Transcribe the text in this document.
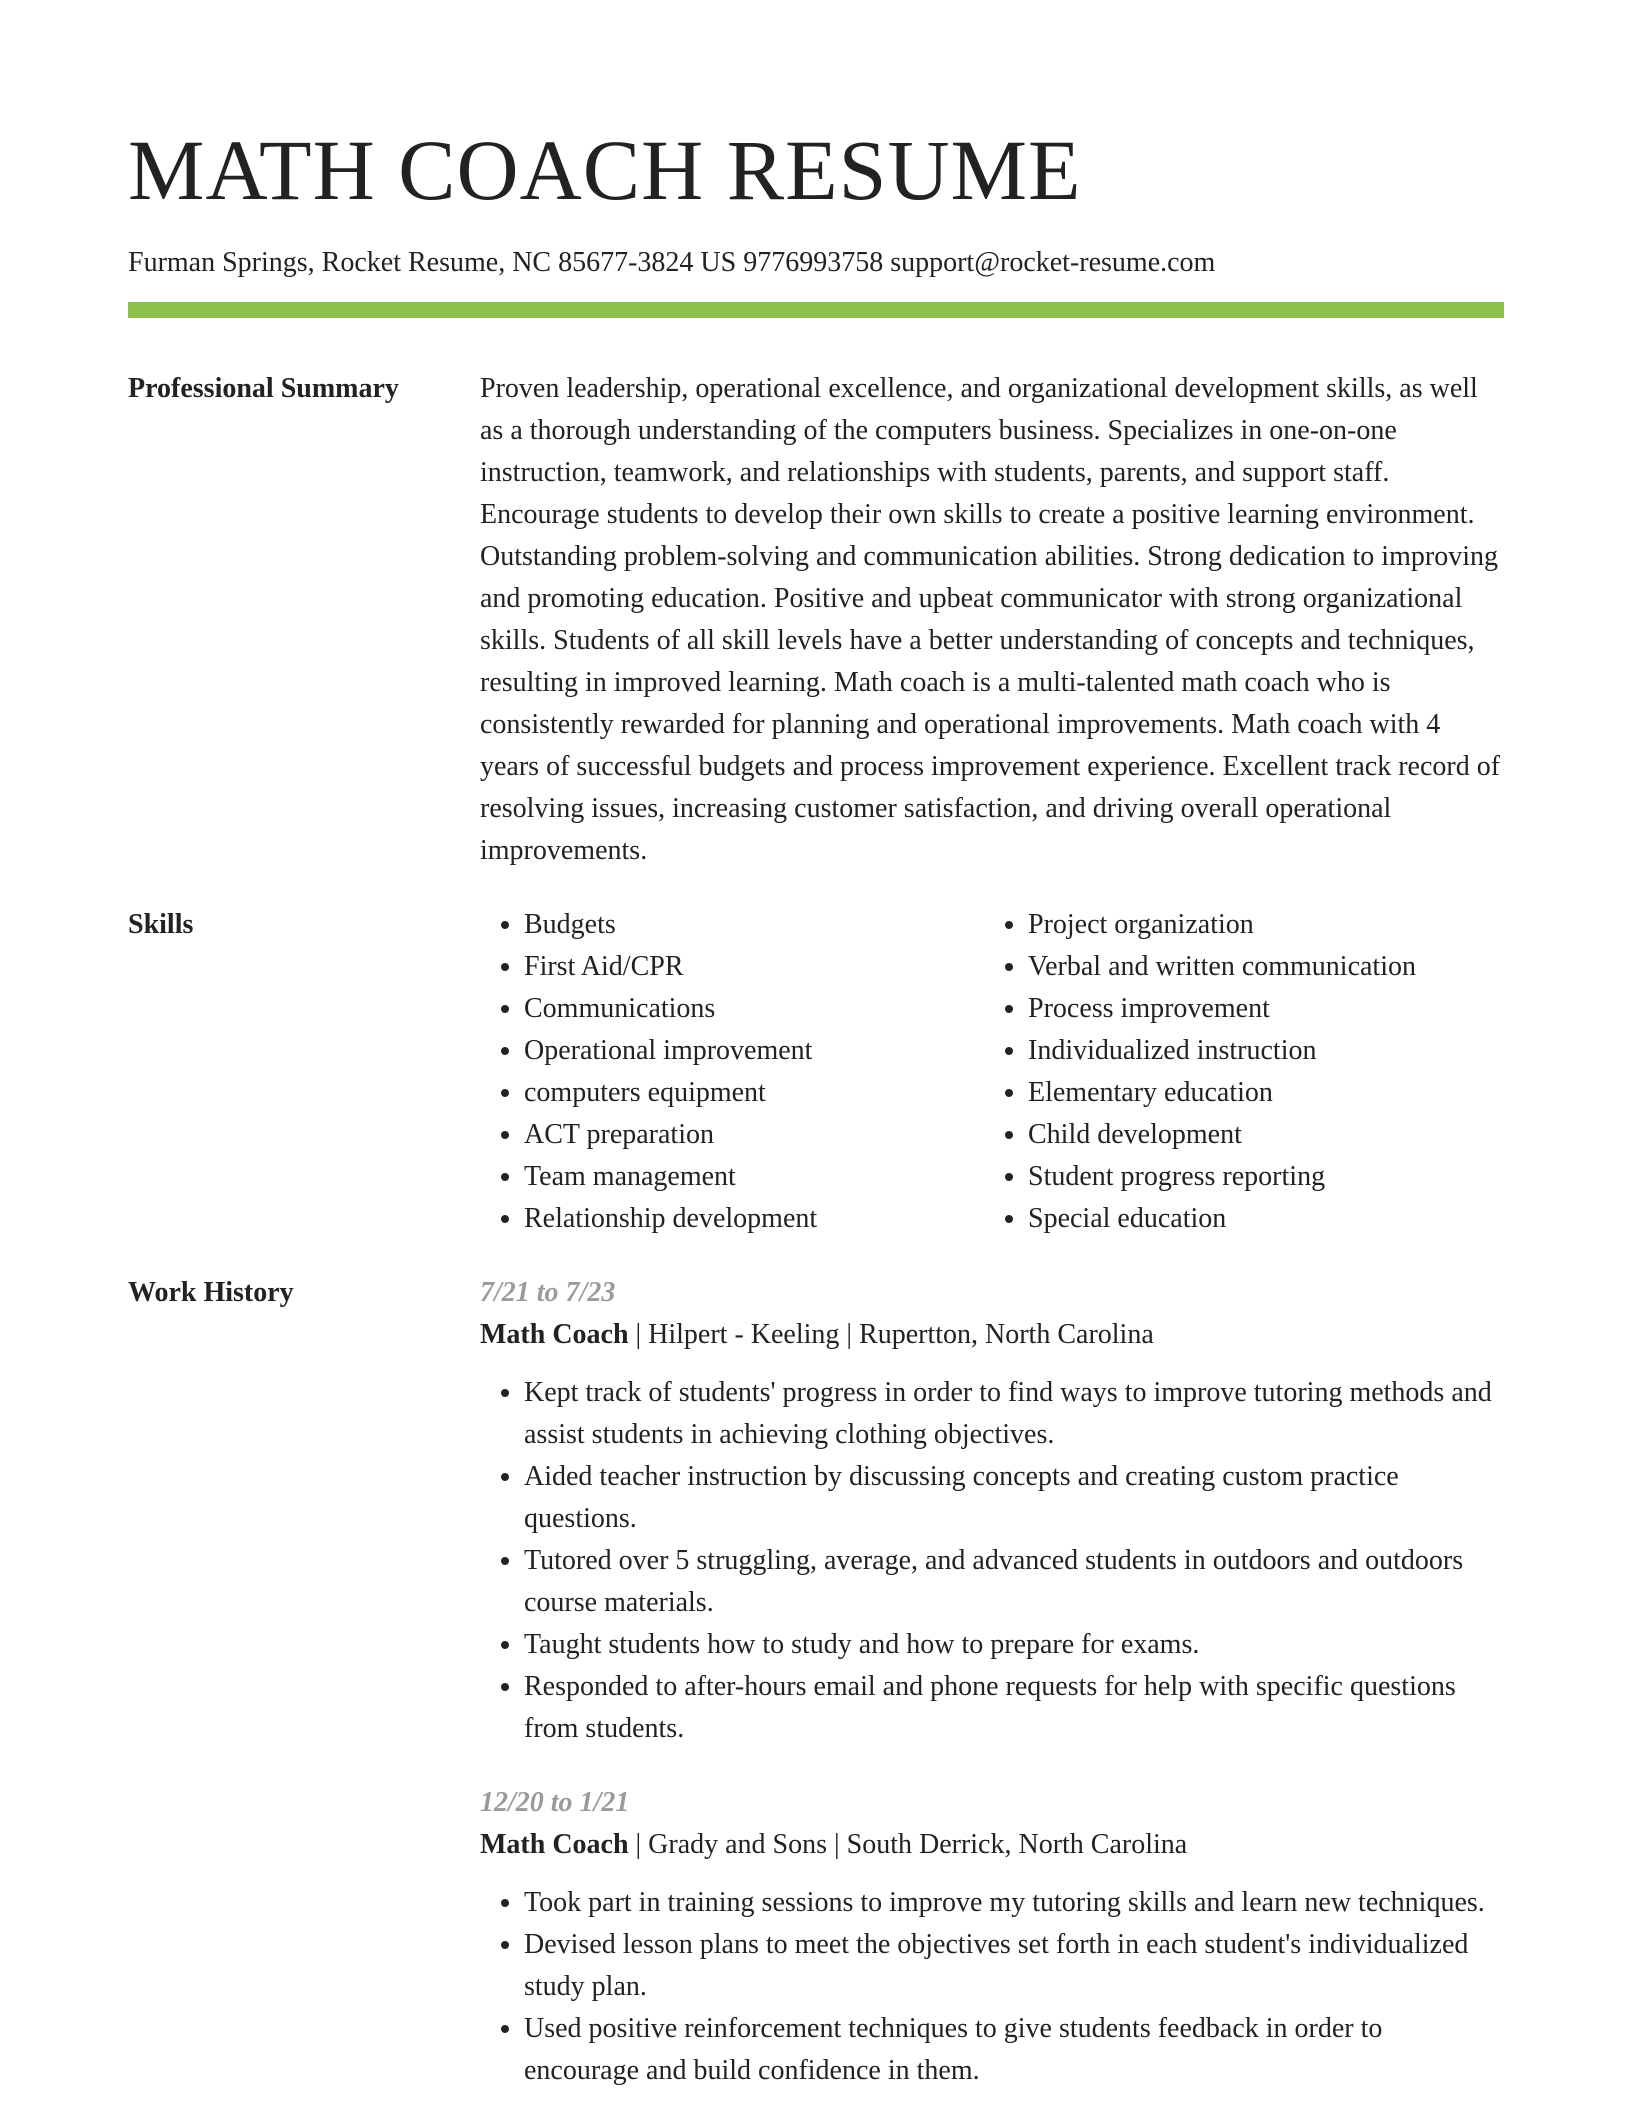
MATH COACH RESUME
Furman Springs, Rocket Resume, NC 85677-3824 US 9776993758 support@rocket-resume.com
Professional Summary	Proven leadership, operational excellence, and organizational development skills, as well as a thorough understanding of the computers business. Specializes in one-on-one instruction, teamwork, and relationships with students, parents, and support staff. Encourage students to develop their own skills to create a positive learning environment. Outstanding problem-solving and communication abilities. Strong dedication to improving and promoting education. Positive and upbeat communicator with strong organizational skills. Students of all skill levels have a better understanding of concepts and techniques, resulting in improved learning. Math coach is a multi-talented math coach who is consistently rewarded for planning and operational improvements. Math coach with 4 years of successful budgets and process improvement experience. Excellent track record of resolving issues, increasing customer satisfaction, and driving overall operational improvements.

Skills
•	Budgets
• First Aid/CPR
• Communications
• Operational improvement
• computers equipment
• ACT preparation
• Team management
• Relationship development
• Project organization
• Verbal and written communication
• Process improvement
• Individualized instruction
• Elementary education
• Child development
• Student progress reporting
• Special education
Work History	7/21 to 7/23
Math Coach | Hilpert - Keeling | Rupertton, North Carolina
• Kept track of students' progress in order to find ways to improve tutoring methods and assist students in achieving clothing objectives.
• Aided teacher instruction by discussing concepts and creating custom practice questions.
• Tutored over 5 struggling, average, and advanced students in outdoors and outdoors course materials.
• Taught students how to study and how to prepare for exams.
• Responded to after-hours email and phone requests for help with specific questions from students.
12/20 to 1/21
Math Coach | Grady and Sons | South Derrick, North Carolina
• Took part in training sessions to improve my tutoring skills and learn new techniques.
• Devised lesson plans to meet the objectives set forth in each student's individualized study plan.
• Used positive reinforcement techniques to give students feedback in order to encourage and build confidence in them.
